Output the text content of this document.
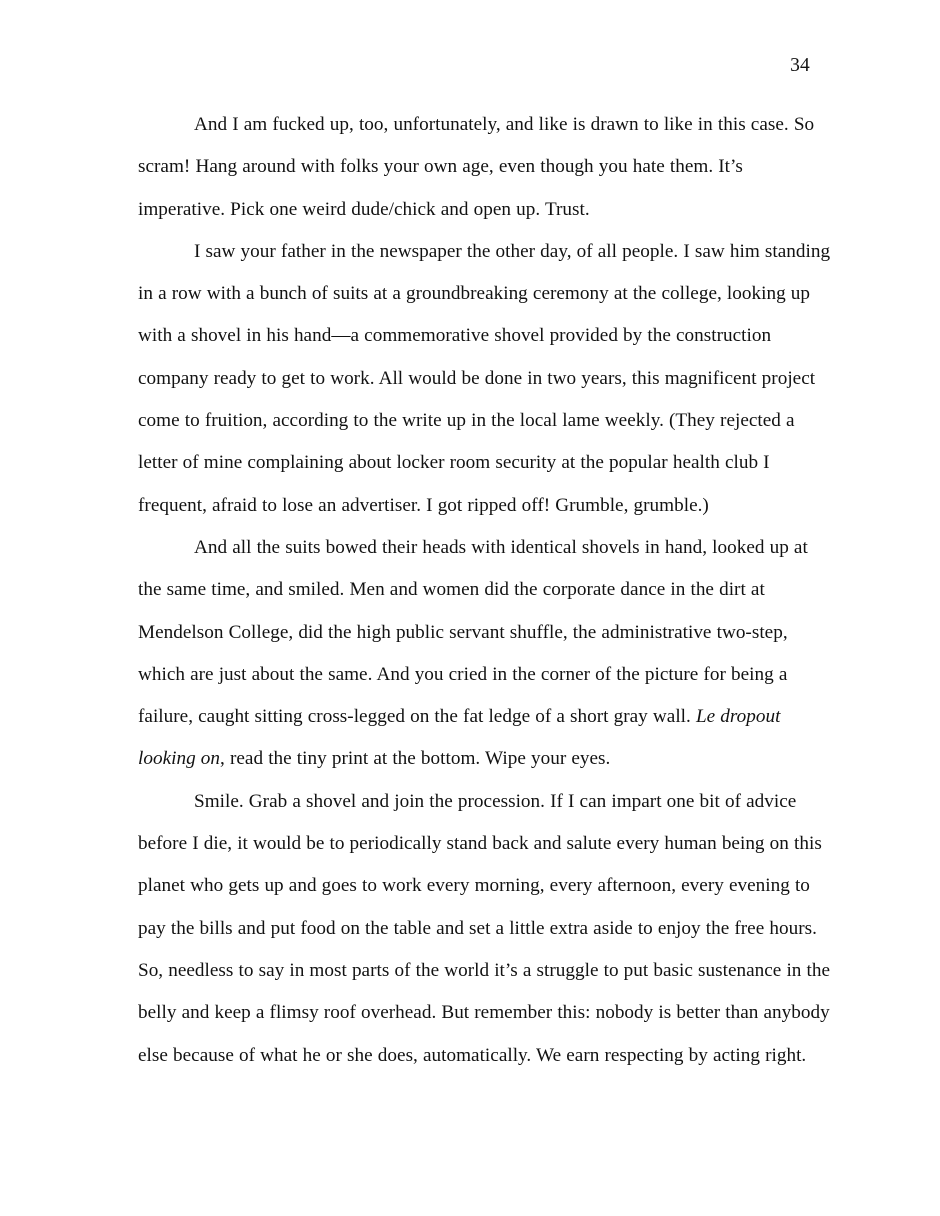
34

And I am fucked up, too, unfortunately, and like is drawn to like in this case. So
scram! Hang around with folks your own age, even though you hate them. It’s
imperative. Pick one weird dude/chick and open up. Trust.

I saw your father in the newspaper the other day, of all people. I saw him standing
in a row with a bunch of suits at a groundbreaking ceremony at the college, looking up
with a shovel in his hand—a commemorative shovel provided by the construction
company ready to get to work. All would be done in two years, this magnificent project
come to fruition, according to the write up in the local lame weekly. (They rejected a
letter of mine complaining about locker room security at the popular health club I
frequent, afraid to lose an advertiser. I got ripped off! Grumble, grumble.)

And all the suits bowed their heads with identical shovels in hand, looked up at
the same time, and smiled. Men and women did the corporate dance in the dirt at
Mendelson College, did the high public servant shuffle, the administrative two-step,
which are just about the same. And you cried in the corner of the picture for being a
failure, caught sitting cross-legged on the fat ledge of a short gray wall. Le dropout
looking on, read the tiny print at the bottom. Wipe your eyes.

Smile. Grab a shovel and join the procession. If I can impart one bit of advice
before I die, it would be to periodically stand back and salute every human being on this
planet who gets up and goes to work every morning, every afternoon, every evening to
pay the bills and put food on the table and set a little extra aside to enjoy the free hours.
So, needless to say in most parts of the world it’s a struggle to put basic sustenance in the
belly and keep a flimsy roof overhead. But remember this: nobody is better than anybody
else because of what he or she does, automatically. We earn respecting by acting right.
